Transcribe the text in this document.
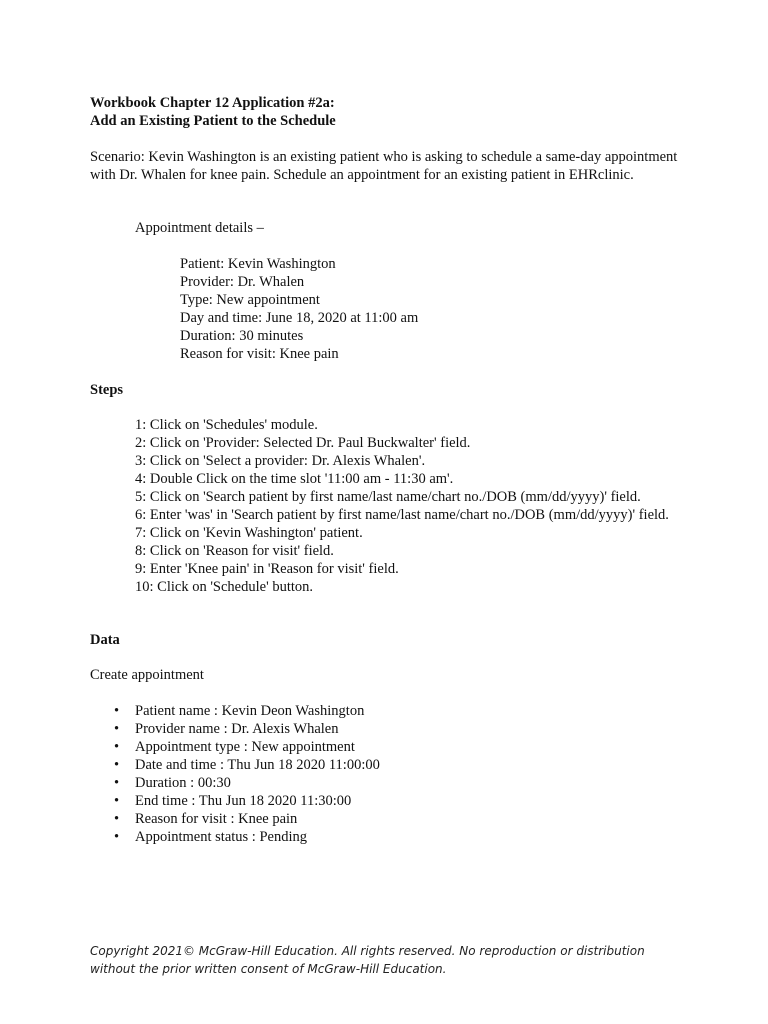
Workbook Chapter 12 Application #2a:
Add an Existing Patient to the Schedule
Scenario: Kevin Washington is an existing patient who is asking to schedule a same-day appointment with Dr. Whalen for knee pain. Schedule an appointment for an existing patient in EHRclinic.
Appointment details –
Patient: Kevin Washington
Provider: Dr. Whalen
Type: New appointment
Day and time: June 18, 2020 at 11:00 am
Duration: 30 minutes
Reason for visit: Knee pain
Steps
1: Click on 'Schedules' module.
2: Click on 'Provider: Selected Dr. Paul Buckwalter' field.
3: Click on 'Select a provider: Dr. Alexis Whalen'.
4: Double Click on the time slot '11:00 am - 11:30 am'.
5: Click on 'Search patient by first name/last name/chart no./DOB (mm/dd/yyyy)' field.
6: Enter 'was' in 'Search patient by first name/last name/chart no./DOB (mm/dd/yyyy)' field.
7: Click on 'Kevin Washington' patient.
8: Click on 'Reason for visit' field.
9: Enter 'Knee pain' in 'Reason for visit' field.
10: Click on 'Schedule' button.
Data
Create appointment
• Patient name : Kevin Deon Washington
• Provider name : Dr. Alexis Whalen
• Appointment type : New appointment
• Date and time : Thu Jun 18 2020 11:00:00
• Duration : 00:30
• End time : Thu Jun 18 2020 11:30:00
• Reason for visit : Knee pain
• Appointment status : Pending
Copyright 2021© McGraw-Hill Education. All rights reserved. No reproduction or distribution without the prior written consent of McGraw-Hill Education.
